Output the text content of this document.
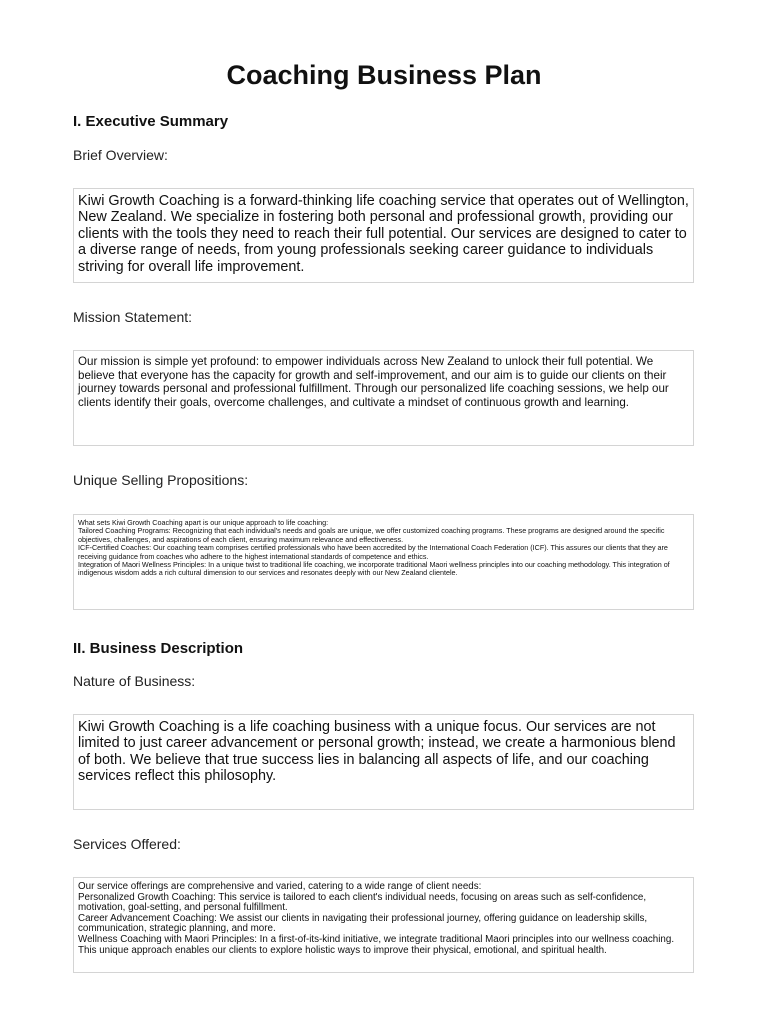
Coaching Business Plan
I. Executive Summary
Brief Overview:

Kiwi Growth Coaching is a forward-thinking life coaching service that operates out of Wellington, New Zealand. We specialize in fostering both personal and professional growth, providing our clients with the tools they need to reach their full potential. Our services are designed to cater to a diverse range of needs, from young professionals seeking career guidance to individuals striving for overall life improvement.

Mission Statement:

Our mission is simple yet profound: to empower individuals across New Zealand to unlock their full potential. We believe that everyone has the capacity for growth and self-improvement, and our aim is to guide our clients on their journey towards personal and professional fulfillment. Through our personalized life coaching sessions, we help our clients identify their goals, overcome challenges, and cultivate a mindset of continuous growth and learning.

Unique Selling Propositions:

What sets Kiwi Growth Coaching apart is our unique approach to life coaching:

Tailored Coaching Programs: Recognizing that each individual's needs and goals are unique, we offer customized coaching programs. These programs are designed around the specific objectives, challenges, and aspirations of each client, ensuring maximum relevance and effectiveness.

ICF-Certified Coaches: Our coaching team comprises certified professionals who have been accredited by the International Coach Federation (ICF). This assures our clients that they are receiving guidance from coaches who adhere to the highest international standards of competence and ethics.

Integration of Maori Wellness Principles: In a unique twist to traditional life coaching, we incorporate traditional Maori wellness principles into our coaching methodology. This integration of indigenous wisdom adds a rich cultural dimension to our services and resonates deeply with our New Zealand clientele.

II. Business Description
Nature of Business:

Kiwi Growth Coaching is a life coaching business with a unique focus. Our services are not limited to just career advancement or personal growth; instead, we create a harmonious blend of both. We believe that true success lies in balancing all aspects of life, and our coaching services reflect this philosophy.

Services Offered:

Our service offerings are comprehensive and varied, catering to a wide range of client needs:

Personalized Growth Coaching: This service is tailored to each client's individual needs, focusing on areas such as self-confidence, motivation, goal-setting, and personal fulfillment.

Career Advancement Coaching: We assist our clients in navigating their professional journey, offering guidance on leadership skills, communication, strategic planning, and more.

Wellness Coaching with Maori Principles: In a first-of-its-kind initiative, we integrate traditional Maori principles into our wellness coaching. This unique approach enables our clients to explore holistic ways to improve their physical, emotional, and spiritual health.
